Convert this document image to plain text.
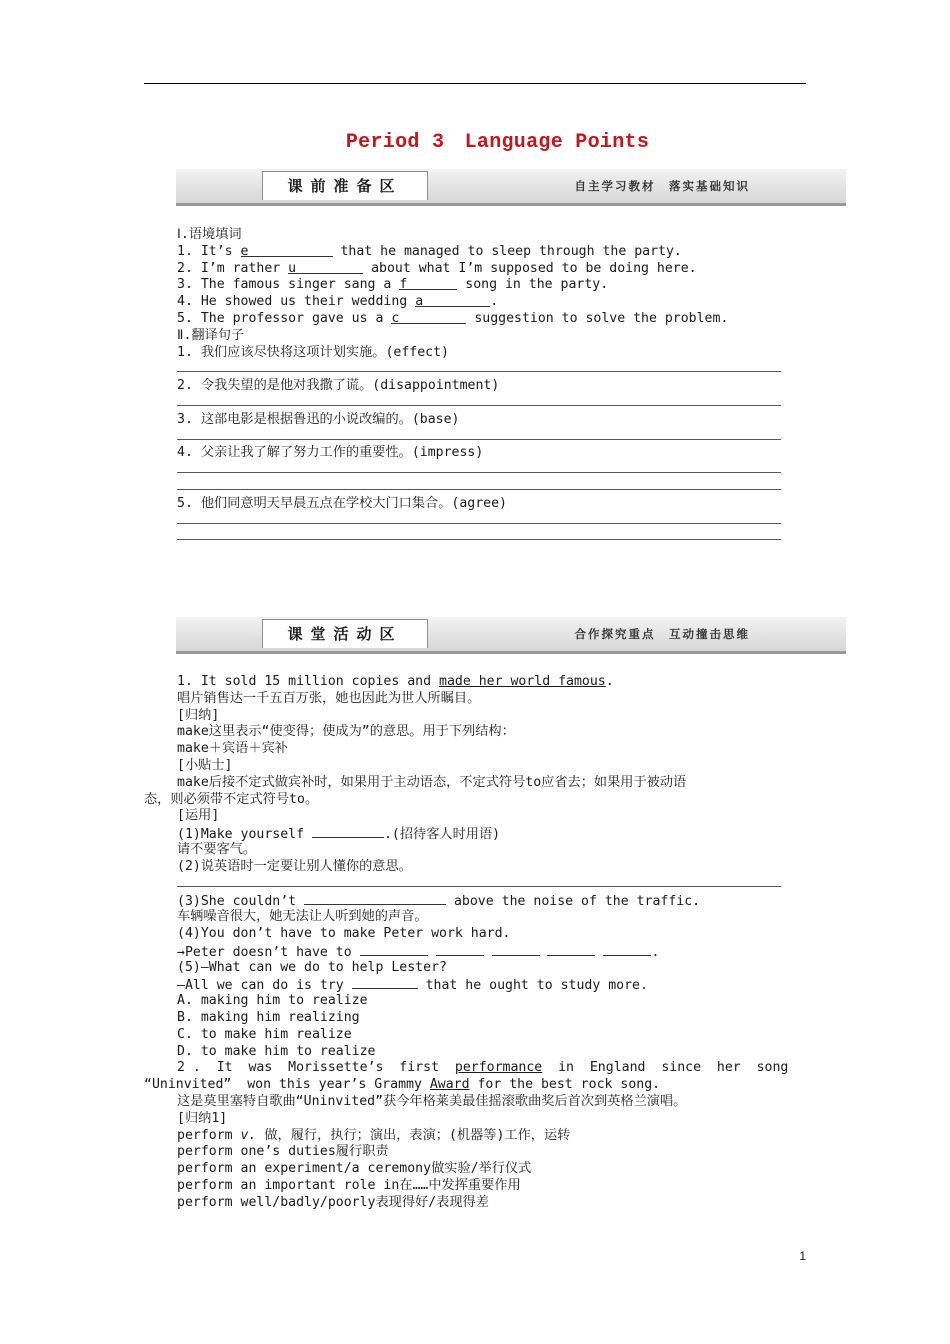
Period 3　Language Points
课前准备区	自主学习教材　落实基础知识
Ⅰ.语境填词
1. It’s e	that he managed to sleep through the party.
2. I’m rather u	about what I’m supposed to be doing here.
3. The famous singer sang a f	song in the party.
4. He showed us their wedding a	.
5. The professor gave us a c	suggestion to solve the problem.
Ⅱ.翻译句子
1. 我们应该尽快将这项计划实施。(effect)
2. 令我失望的是他对我撒了谎。(disappointment)
3. 这部电影是根据鲁迅的小说改编的。(base)
4. 父亲让我了解了努力工作的重要性。(impress)
5. 他们同意明天早晨五点在学校大门口集合。(agree)
课堂活动区	合作探究重点　互动撞击思维
1. It sold 15 million copies and made her world famous.
唱片销售达一千五百万张，她也因此为世人所瞩目。
[归纳]
make这里表示“使变得；使成为”的意思。用于下列结构：
make＋宾语＋宾补
[小贴士]
make后接不定式做宾补时，如果用于主动语态，不定式符号to应省去；如果用于被动语
态，则必须带不定式符号to。
[运用]
(1)Make yourself	.(招待客人时用语)
请不要客气。
(2)说英语时一定要让别人懂你的意思。
(3)She couldn’t	above the noise of the traffic.
车辆噪音很大，她无法让人听到她的声音。
(4)You don’t have to make Peter work hard.
→Peter doesn’t have to	.
(5)—What can we do to help Lester?
—All we can do is try	that he ought to study more.
A. making him to realize
B. making him realizing
C. to make him realize
D. to make him to realize
2 .  It  was  Morissette’s  first  performance  in  England  since  her  song
“Uninvited”  won this year’s Grammy Award for the best rock song.
这是莫里塞特自歌曲“Uninvited”获今年格莱美最佳摇滚歌曲奖后首次到英格兰演唱。
[归纳1]
perform v. 做，履行，执行；演出，表演；(机器等)工作，运转
perform one’s duties履行职责
perform an experiment/a ceremony做实验/举行仪式
perform an important role in在……中发挥重要作用
perform well/badly/poorly表现得好/表现得差
1
